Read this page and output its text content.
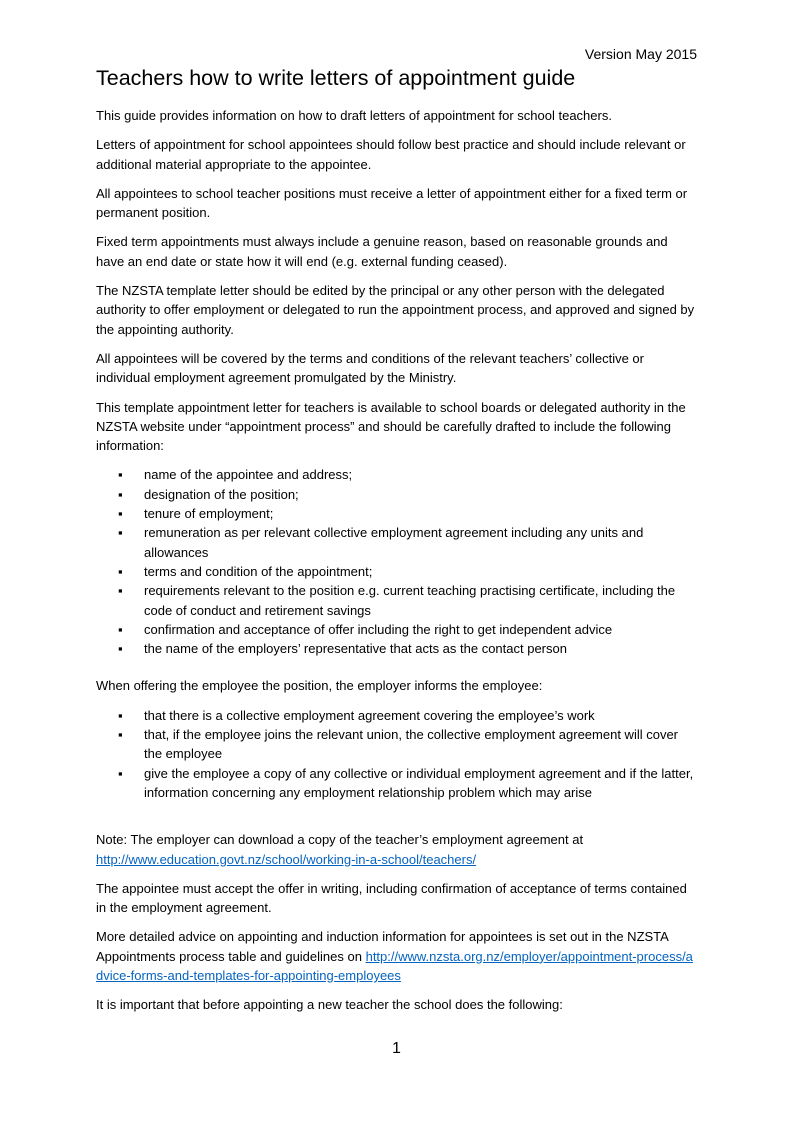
Version May 2015
Teachers how to write letters of appointment guide

This guide provides information on how to draft letters of appointment for school teachers.

Letters of appointment for school appointees should follow best practice and should include relevant or additional material appropriate to the appointee.

All appointees to school teacher positions must receive a letter of appointment either for a fixed term or permanent position.

Fixed term appointments must always include a genuine reason, based on reasonable grounds and have an end date or state how it will end (e.g. external funding ceased).

The NZSTA template letter should be edited by the principal or any other person with the delegated authority to offer employment or delegated to run the appointment process, and approved and signed by the appointing authority.

All appointees will be covered by the terms and conditions of the relevant teachers’ collective or individual employment agreement promulgated by the Ministry.

This template appointment letter for teachers is available to school boards or delegated authority in the NZSTA website under “appointment process” and should be carefully drafted to include the following information:

▪ name of the appointee and address;
▪ designation of the position;
▪ tenure of employment;
▪ remuneration as per relevant collective employment agreement including any units and allowances
▪ terms and condition of the appointment;
▪ requirements relevant to the position e.g. current teaching practising certificate, including the code of conduct and retirement savings
▪ confirmation and acceptance of offer including the right to get independent advice
▪ the name of the employers’ representative that acts as the contact person

When offering the employee the position, the employer informs the employee:

▪ that there is a collective employment agreement covering the employee’s work
▪ that, if the employee joins the relevant union, the collective employment agreement will cover the employee
▪ give the employee a copy of any collective or individual employment agreement and if the latter, information concerning any employment relationship problem which may arise

Note: The employer can download a copy of the teacher’s employment agreement at
http://www.education.govt.nz/school/working-in-a-school/teachers/

The appointee must accept the offer in writing, including confirmation of acceptance of terms contained in the employment agreement.

More detailed advice on appointing and induction information for appointees is set out in the NZSTA Appointments process table and guidelines on http://www.nzsta.org.nz/employer/appointment-process/advice-forms-and-templates-for-appointing-employees

It is important that before appointing a new teacher the school does the following:

1
